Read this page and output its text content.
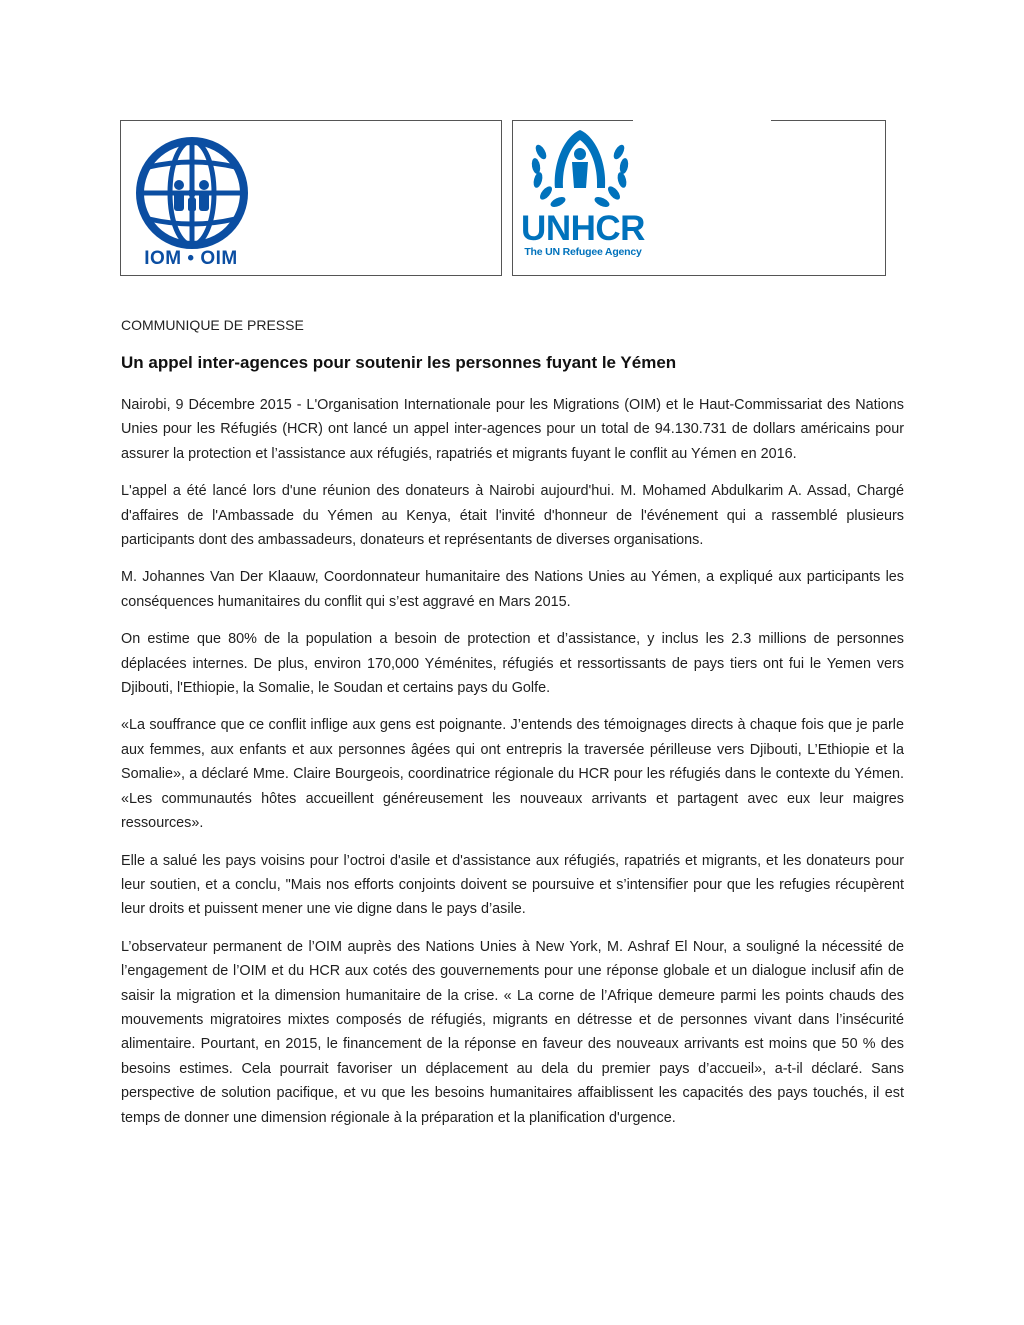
IOM • OIM
UNHCR
The UN Refugee Agency
COMMUNIQUE DE PRESSE
Un appel inter-agences pour soutenir les personnes fuyant le Yémen

Nairobi, 9 Décembre 2015 - L'Organisation Internationale pour les Migrations (OIM) et le Haut-Commissariat des Nations Unies pour les Réfugiés (HCR) ont lancé un appel inter-agences pour un total de 94.130.731 de dollars américains pour assurer la protection et l’assistance aux réfugiés, rapatriés et migrants fuyant le conflit au Yémen en 2016.

L'appel a été lancé lors d'une réunion des donateurs à Nairobi aujourd'hui. M. Mohamed Abdulkarim A. Assad, Chargé d'affaires de l'Ambassade du Yémen au Kenya, était l'invité d'honneur de l'événement qui a rassemblé plusieurs participants dont des ambassadeurs, donateurs et représentants de diverses organisations.

M. Johannes Van Der Klaauw, Coordonnateur humanitaire des Nations Unies au Yémen, a expliqué aux participants les conséquences humanitaires du conflit qui s’est aggravé en Mars 2015.

On estime que 80% de la population a besoin de protection et d’assistance, y inclus les 2.3 millions de personnes déplacées internes. De plus, environ 170,000 Yéménites, réfugiés et ressortissants de pays tiers ont fui le Yemen vers Djibouti, l'Ethiopie, la Somalie, le Soudan et certains pays du Golfe.

«La souffrance que ce conflit inflige aux gens est poignante. J’entends des témoignages directs à chaque fois que je parle aux femmes, aux enfants et aux personnes âgées qui ont entrepris la traversée périlleuse vers Djibouti, L’Ethiopie et la Somalie», a déclaré Mme. Claire Bourgeois, coordinatrice régionale du HCR pour les réfugiés dans le contexte du Yémen. «Les communautés hôtes accueillent généreusement les nouveaux arrivants et partagent avec eux leur maigres ressources».

Elle a salué les pays voisins pour l’octroi d'asile et d'assistance aux réfugiés, rapatriés et migrants, et les donateurs pour leur soutien, et a conclu, "Mais nos efforts conjoints doivent se poursuive et s’intensifier pour que les refugies récupèrent leur droits et puissent mener une vie digne dans le pays d’asile.

L’observateur permanent de l’OIM auprès des Nations Unies à New York, M. Ashraf El Nour, a souligné la nécessité de l’engagement de l’OIM et du HCR aux cotés des gouvernements pour une réponse globale et un dialogue inclusif afin de saisir la migration et la dimension humanitaire de la crise. « La corne de l’Afrique demeure parmi les points chauds des mouvements migratoires mixtes composés de réfugiés, migrants en détresse et de personnes vivant dans l’insécurité alimentaire. Pourtant, en 2015, le financement de la réponse en faveur des nouveaux arrivants est moins que 50 % des besoins estimes. Cela pourrait favoriser un déplacement au dela du premier pays d’accueil», a-t-il déclaré. Sans perspective de solution pacifique, et vu que les besoins humanitaires affaiblissent les capacités des pays touchés, il est temps de donner une dimension régionale à la préparation et la planification d'urgence.
